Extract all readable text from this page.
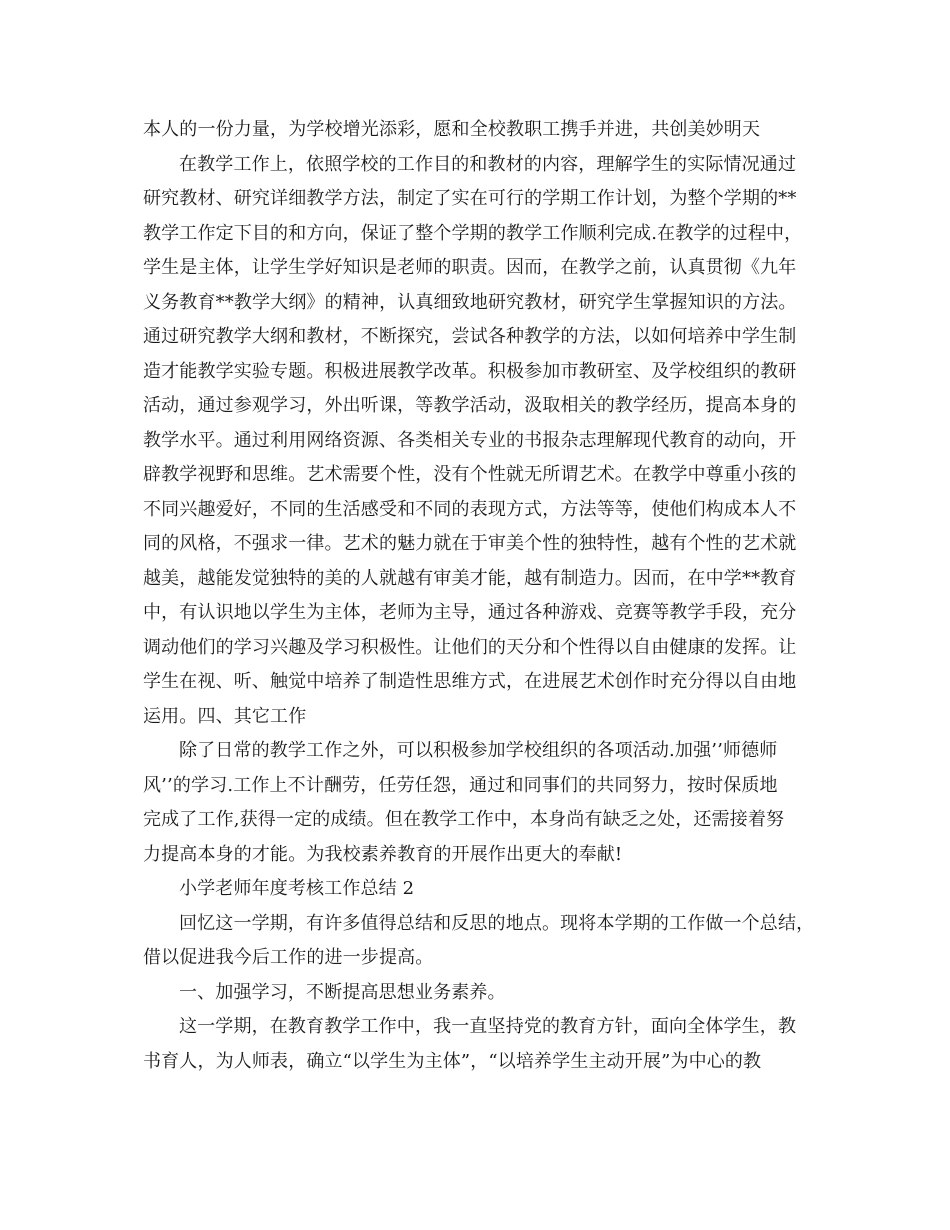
本人的一份力量，为学校增光添彩，愿和全校教职工携手并进，共创美妙明天
在教学工作上，依照学校的工作目的和教材的内容，理解学生的实际情况通过
研究教材、研究详细教学方法，制定了实在可行的学期工作计划，为整个学期的**
教学工作定下目的和方向，保证了整个学期的教学工作顺利完成.在教学的过程中，
学生是主体，让学生学好知识是老师的职责。因而，在教学之前，认真贯彻《九年
义务教育**教学大纲》的精神，认真细致地研究教材，研究学生掌握知识的方法。
通过研究教学大纲和教材，不断探究，尝试各种教学的方法，以如何培养中学生制
造才能教学实验专题。积极进展教学改革。积极参加市教研室、及学校组织的教研
活动，通过参观学习，外出听课，等教学活动，汲取相关的教学经历，提高本身的
教学水平。通过利用网络资源、各类相关专业的书报杂志理解现代教育的动向，开
辟教学视野和思维。艺术需要个性，没有个性就无所谓艺术。在教学中尊重小孩的
不同兴趣爱好，不同的生活感受和不同的表现方式，方法等等，使他们构成本人不
同的风格，不强求一律。艺术的魅力就在于审美个性的独特性，越有个性的艺术就
越美，越能发觉独特的美的人就越有审美才能，越有制造力。因而，在中学**教育
中，有认识地以学生为主体，老师为主导，通过各种游戏、竞赛等教学手段，充分
调动他们的学习兴趣及学习积极性。让他们的天分和个性得以自由健康的发挥。让
学生在视、听、触觉中培养了制造性思维方式，在进展艺术创作时充分得以自由地
运用。四、其它工作
除了日常的教学工作之外，可以积极参加学校组织的各项活动.加强’’师德师
风’’的学习.工作上不计酬劳，任劳任怨，通过和同事们的共同努力，按时保质地
完成了工作,获得一定的成绩。但在教学工作中，本身尚有缺乏之处，还需接着努
力提高本身的才能。为我校素养教育的开展作出更大的奉献!
小学老师年度考核工作总结 2
回忆这一学期，有许多值得总结和反思的地点。现将本学期的工作做一个总结，
借以促进我今后工作的进一步提高。
一、加强学习，不断提高思想业务素养。
这一学期，在教育教学工作中，我一直坚持党的教育方针，面向全体学生，教
书育人，为人师表，确立“以学生为主体”，“以培养学生主动开展”为中心的教
